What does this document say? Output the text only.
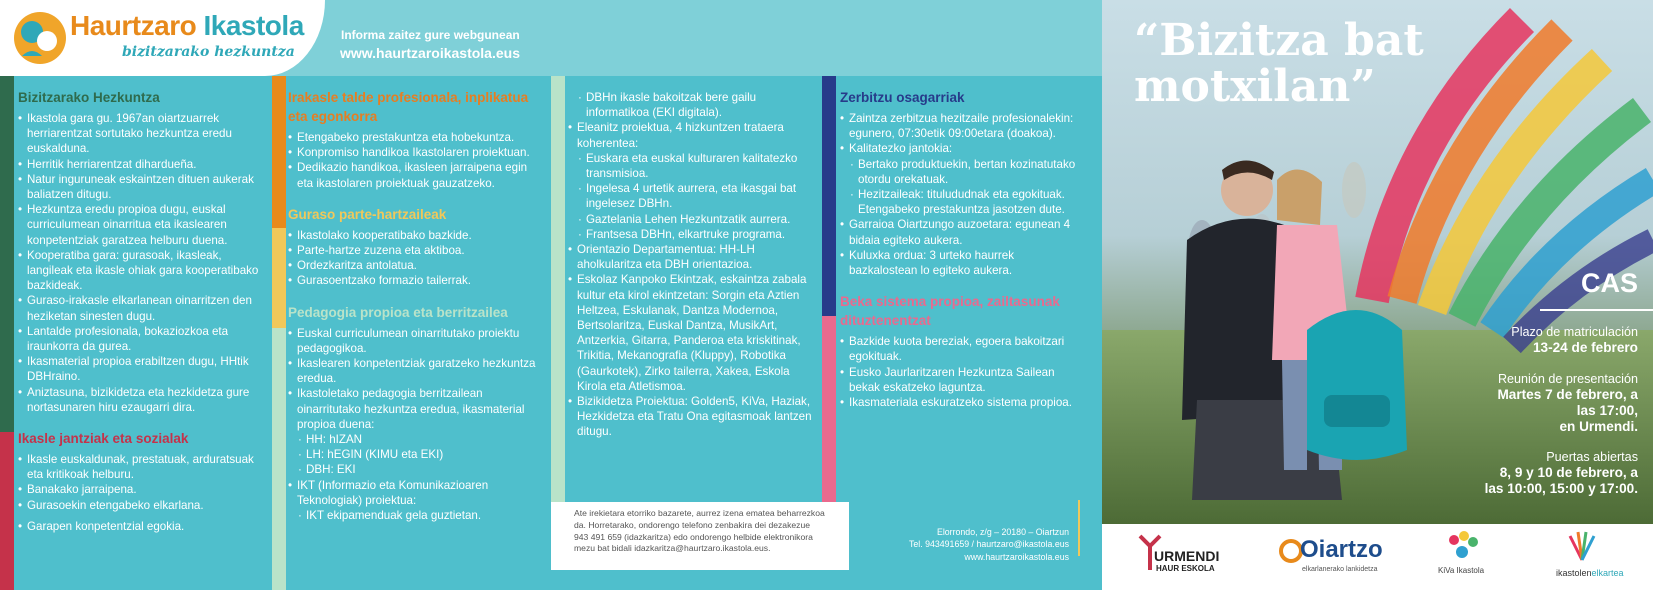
Haurtzaro Ikastola
bizitzarako hezkuntza
Informa zaitez gure webgunean
www.haurtzaroikastola.eus
Bizitzarako Hezkuntza
• Ikastola gara gu. 1967an oiartzuarrek herriarentzat sortutako hezkuntza eredu euskalduna.
• Herritik herriarentzat dihardueña.
• Natur inguruneak eskaintzen dituen aukerak baliatzen ditugu.
• Hezkuntza eredu propioa dugu, euskal curriculumean oinarritua eta ikaslearen konpetentziak garatzea helburu duena.
• Kooperatiba gara: gurasoak, ikasleak, langileak eta ikasle ohiak gara kooperatibako bazkideak.
• Guraso-irakasle elkarlanean oinarritzen den heziketan sinesten dugu.
• Lantalde profesionala, bokaziozkoa eta iraunkorra da gurea.
• Ikasmaterial propioa erabiltzen dugu, HHtik DBHraino.
• Aniztasuna, bizikidetza eta hezkidetza gure nortasunaren hiru ezaugarri dira.
Ikasle jantziak eta sozialak
• Ikasle euskaldunak, prestatuak, arduratsuak eta kritikoak helburu.
• Banakako jarraipena.
• Gurasoekin etengabeko elkarlana.
• Garapen konpetentzial egokia.
Irakasle talde profesionala, inplikatua eta egonkorra
• Etengabeko prestakuntza eta hobekuntza.
• Konpromiso handikoa Ikastolaren proiektuan.
• Dedikazio handikoa, ikasleen jarraipena egin eta ikastolaren proiektuak gauzatzeko.
Guraso parte-hartzaileak
• Ikastolako kooperatibako bazkide.
• Parte-hartze zuzena eta aktiboa.
• Ordezkaritza antolatua.
• Gurasoentzako formazio tailerrak.
Pedagogia propioa eta berritzailea
• Euskal curriculumean oinarritutako proiektu pedagogikoa.
• Ikaslearen konpetentziak garatzeko hezkuntza eredua.
• Ikastoletako pedagogia berritzailean oinarritutako hezkuntza eredua, ikasmaterial propioa duena:
· HH: hIZAN
· LH: hEGIN (KIMU eta EKI)
· DBH: EKI
• IKT (Informazio eta Komunikazioaren Teknologiak) proiektua:
· IKT ekipamenduak gela guztietan.
· DBHn ikasle bakoitzak bere gailu informatikoa (EKI digitala).
• Eleanitz proiektua, 4 hizkuntzen trataera koherentea:
· Euskara eta euskal kulturaren kalitatezko transmisioa.
· Ingelesa 4 urtetik aurrera, eta ikasgai bat ingelesez DBHn.
· Gaztelania Lehen Hezkuntzatik aurrera.
· Frantsesa DBHn, elkartruke programa.
• Orientazio Departamentua: HH-LH aholkularitza eta DBH orientazioa.
• Eskolaz Kanpoko Ekintzak, eskaintza zabala kultur eta kirol ekintzetan: Sorgin eta Aztien Heltzea, Eskulanak, Dantza Modernoa, Bertsolaritza, Euskal Dantza, MusikArt, Antzerkia, Gitarra, Panderoa eta kriskitinak, Trikitia, Mekanografia (Kluppy), Robotika (Gaurkotek), Zirko tailerra, Xakea, Eskola Kirola eta Atletismoa.
• Bizikidetza Proiektua: Golden5, KiVa, Haziak, Hezkidetza eta Tratu Ona egitasmoak lantzen ditugu.
Zerbitzu osagarriak
• Zaintza zerbitzua hezitzaile profesionalekin: egunero, 07:30etik 09:00etara (doakoa).
• Kalitatezko jantokia:
· Bertako produktuekin, bertan kozinatutako otordu orekatuak.
· Hezitzaileak: titulududnak eta egokituak. Etengabeko prestakuntza jasotzen dute.
• Garraioa Oiartzungo auzoetara: egunean 4 bidaia egiteko aukera.
• Kuluxka ordua: 3 urteko haurrek bazkalostean lo egiteko aukera.
Beka sistema propioa, zailtasunak dituztenentzat
• Bazkide kuota bereziak, egoera bakoitzari egokituak.
• Eusko Jaurlaritzaren Hezkuntza Sailean bekak eskatzeko laguntza.
• Ikasmateriala eskuratzeko sistema propioa.
Ate irekietara etorriko bazarete, aurrez izena ematea beharrezkoa da. Horretarako, ondorengo telefono zenbakira dei dezakezue 943 491 659 (idazkaritza) edo ondorengo helbide elektronikora mezu bat bidali idazkaritza@haurtzaro.ikastola.eus.
Elorrondo, z/g – 20180 – Oiartzun
Tel. 943491659 / haurtzaro@ikastola.eus
www.haurtzaroikastola.eus
“Bizitza bat
motxilan”
CAS
Plazo de matriculación
13-24 de febrero
Reunión de presentación
Martes 7 de febrero, a
las 17:00,
en Urmendi.
Puertas abiertas
8, 9 y 10 de febrero, a
las 10:00, 15:00 y 17:00.
URMENDI
HAUR ESKOLA
Oiartzo
elkarlanerako lankidetza	KiVa Ikastola	ikastolenelkartea
